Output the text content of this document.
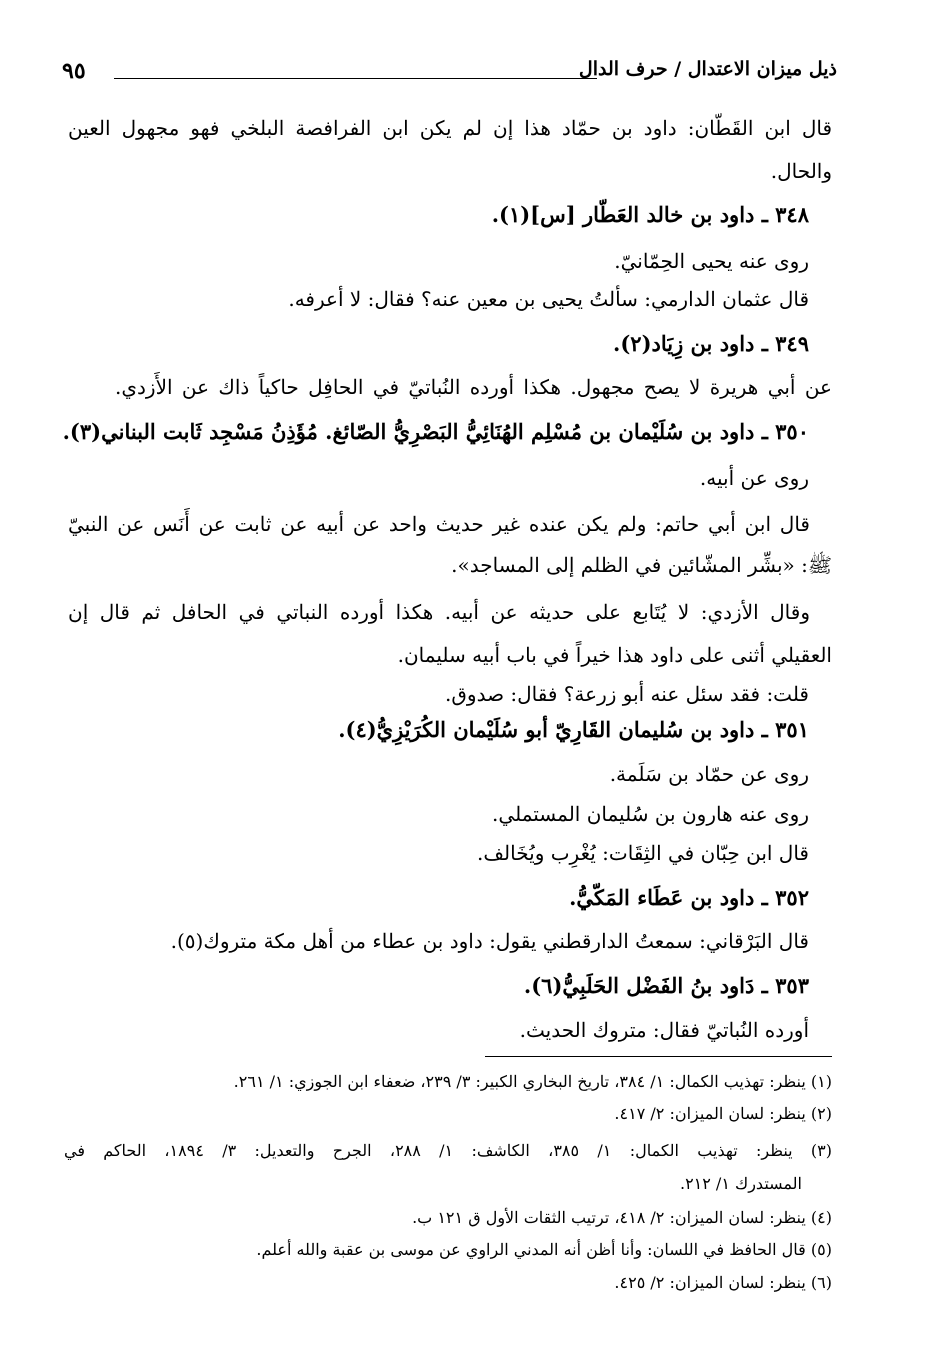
ذيل ميزان الاعتدال / حرف الدال
٩٥
قال ابن القَطّان: داود بن حمّاد هذا إن لم يكن ابن الفرافصة البلخي فهو مجهول العين
والحال.
٣٤٨ ـ داود بن خالد العَطّار [س](١).
روى عنه يحيى الحِمّانيّ.
قال عثمان الدارمي: سألتُ يحيى بن معين عنه؟ فقال: لا أعرفه.
٣٤٩ ـ داود بن زِيَاد(٢).
عن أبي هريرة لا يصح مجهول. هكذا أورده النُباتيّ في الحافِل حاكياً ذاك عن الأَزدي.
٣٥٠ ـ داود بن سُلَيْمان بن مُسْلِم الهُنَائِيُّ البَصْرِيُّ الصّائغ. مُؤَذِنُ مَسْجِد ثَابت البناني(٣).
روى عن أبيه.
قال ابن أبي حاتم: ولم يكن عنده غير حديث واحد عن أبيه عن ثابت عن أَنَس عن النبيّ
ﷺ: «بشِّر المشّائين في الظلم إلى المساجد».
وقال الأزدي: لا يُتَابع على حديثه عن أبيه. هكذا أورده النباتي في الحافل ثم قال إن
العقيلي أثنى على داود هذا خيراً في باب أبيه سليمان.
قلت: فقد سئل عنه أبو زرعة؟ فقال: صدوق.
٣٥١ ـ داود بن سُليمان القَارِيّ أبو سُلَيْمان الكُرَيْزِيُّ(٤).
روى عن حمّاد بن سَلَمة.
روى عنه هارون بن سُليمان المستملي.
قال ابن حِبّان في الثِقَات: يُغْرِب ويُخَالف.
٣٥٢ ـ داود بن عَطَاء المَكّيُّ.
قال البَرْقاني: سمعتُ الدارقطني يقول: داود بن عطاء من أهل مكة متروك(٥).
٣٥٣ ـ دَاود بنُ الفَضْل الحَلَبِيُّ(٦).
أورده النُباتيّ فقال: متروك الحديث.
(١) ينظر: تهذيب الكمال: ١/ ٣٨٤، تاريخ البخاري الكبير: ٣/ ٢٣٩، ضعفاء ابن الجوزي: ١/ ٢٦١.
(٢) ينظر: لسان الميزان: ٢/ ٤١٧.
(٣) ينظر: تهذيب الكمال: ١/ ٣٨٥، الكاشف: ١/ ٢٨٨، الجرح والتعديل: ٣/ ١٨٩٤، الحاكم في
المستدرك ١/ ٢١٢.
(٤) ينظر: لسان الميزان: ٢/ ٤١٨، ترتيب الثقات الأول ق ١٢١ ب.
(٥) قال الحافظ في اللسان: وأنا أظن أنه المدني الراوي عن موسى بن عقبة والله أعلم.
(٦) ينظر: لسان الميزان: ٢/ ٤٢٥.
